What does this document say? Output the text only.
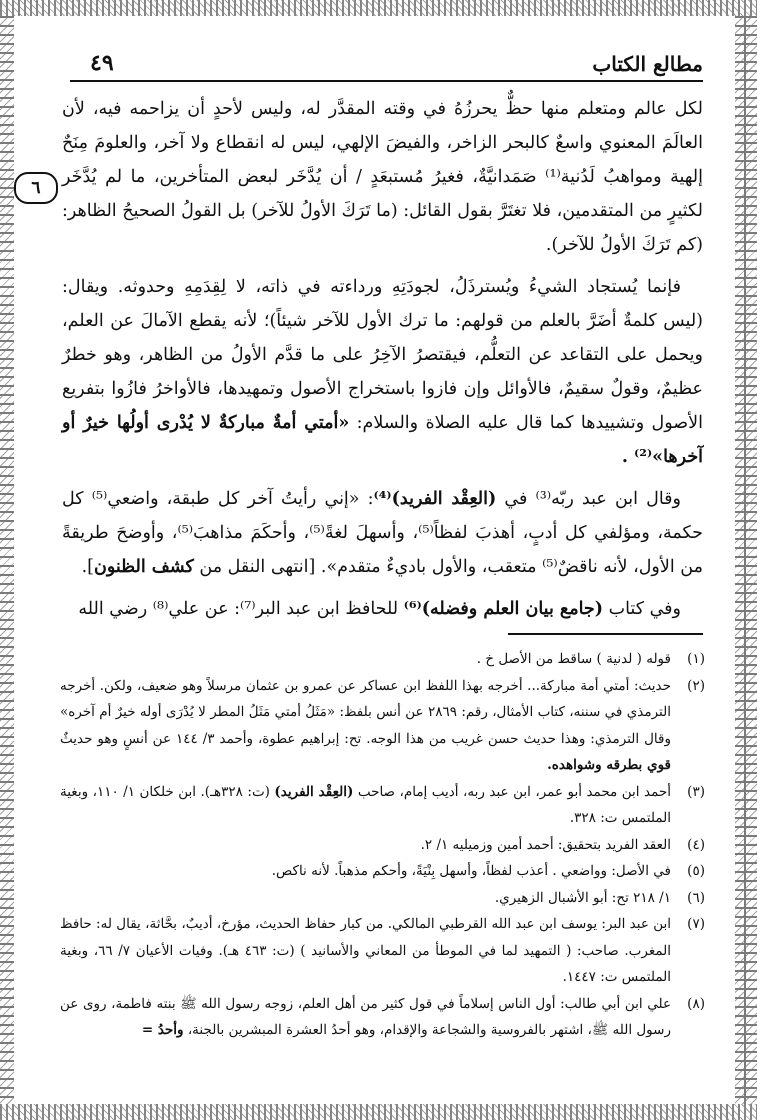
مطالع الكتاب
٤٩
٦

لكل عالم ومتعلم منها حظٌّ يحرزُهُ في وقته المقدَّر له، وليس لأحدٍ أن يزاحمه فيه، لأن العالَمَ المعنوي واسعٌ كالبحر الزاخر، والفيضَ الإلهي، ليس له انقطاع ولا آخر، والعلومَ مِنَحٌ إلهية ومواهبُ لَدُنية⁽¹⁾ صَمَدانيَّةٌ، فغيرُ مُستبعَدٍ / أن يُدَّخَر لبعض المتأخرين، ما لم يُدَّخَر لكثيرٍ من المتقدمين، فلا تغتَرَّ بقول القائل: (ما تَرَكَ الأولُ للآخر) بل القولُ الصحيحُ الظاهر: (كم تَرَكَ الأولُ للآخر).

فإنما يُستجاد الشيءُ ويُسترذَلُ، لجودَتِهِ ورداءته في ذاته، لا لِقِدَمِهِ وحدوثه. ويقال: (ليس كلمةٌ أضَرَّ بالعلم من قولهم: ما ترك الأول للآخر شيئاً)؛ لأنه يقطع الآمالَ عن العلم، ويحمل على التقاعد عن التعلُّم، فيقتصرُ الآخِرُ على ما قدَّم الأولُ من الظاهر، وهو خطرٌ عظيمٌ، وقولٌ سقيمٌ، فالأوائل وإن فازوا باستخراج الأصول وتمهيدها، فالأواخرُ فازُوا بتفريع الأصول وتشييدها كما قال عليه الصلاة والسلام: «أمتي أمةٌ مباركةٌ لا يُدْرى أولُها خيرٌ أو آخرها»⁽²⁾ .

وقال ابن عبد ربّه⁽³⁾ في (العِقْد الفريد)⁽⁴⁾: «إني رأيتُ آخر كل طبقة، واضعي⁽⁵⁾ كل حكمة، ومؤلفي كل أدبٍ، أهذبَ لفظاً⁽⁵⁾، وأسهلَ لغةً⁽⁵⁾، وأحكَمَ مذاهبَ⁽⁵⁾، وأوضحَ طريقةً من الأول، لأنه ناقضٌ⁽⁵⁾ متعقب، والأول باديءٌ متقدم». [انتهى النقل من كشف الظنون].

وفي كتاب (جامع بيان العلم وفضله)⁽⁶⁾ للحافظ ابن عبد البر⁽⁷⁾: عن علي⁽⁸⁾ رضي الله

(١)
قوله ( لدنية ) ساقط من الأصل خ .
(٢)
حديث: أمتي أمة مباركة... أخرجه بهذا اللفظ ابن عساكر عن عمرو بن عثمان مرسلاً وهو ضعيف، ولكن. أخرجه الترمذي في سننه، كتاب الأمثال، رقم: ٢٨٦٩ عن أنس بلفظ: «مَثَلُ أمتي مَثَلُ المطر لا يُدْرَى أوله خيرٌ أم آخره» وقال الترمذي: وهذا حديث حسن غريب من هذا الوجه. تح: إبراهيم عطوة، وأحمد ٣/ ١٤٤ عن أنسٍ وهو حديثٌ قوي بطرقه وشواهده.
(٣)
أحمد ابن محمد أبو عمر، ابن عبد ربه، أديب إمام، صاحب (العِقْد الفريد) (ت: ٣٢٨هـ). ابن خلكان ١/ ١١٠، وبغية الملتمس ت: ٣٢٨.
(٤)
العقد الفريد بتحقيق: أحمد أمين وزميليه ١/ ٢.
(٥)
في الأصل: وواضعي . أعذب لفظاً، وأسهل بِنْيَةً، وأحكم مذهباً. لأنه ناكص.
(٦)
١/ ٢١٨ تح: أبو الأشبال الزهيري.
(٧)
ابن عبد البر: يوسف ابن عبد الله القرطبي المالكي. من كبار حفاظ الحديث، مؤرخ، أديبٌ، بحَّاثة، يقال له: حافظ المغرب. صاحب: ( التمهيد لما في الموطأ من المعاني والأسانيد ) (ت: ٤٦٣ هـ). وفيات الأعيان ٧/ ٦٦، وبغية الملتمس ت: ١٤٤٧.
(٨)
علي ابن أبي طالب: أول الناس إسلاماً في قول كثير من أهل العلم، زوجه رسول الله ﷺ بنته فاطمة، روى عن رسول الله ﷺ، اشتهر بالفروسية والشجاعة والإقدام، وهو أحدُ العشرة المبشرين بالجنة، وأحدُ =
